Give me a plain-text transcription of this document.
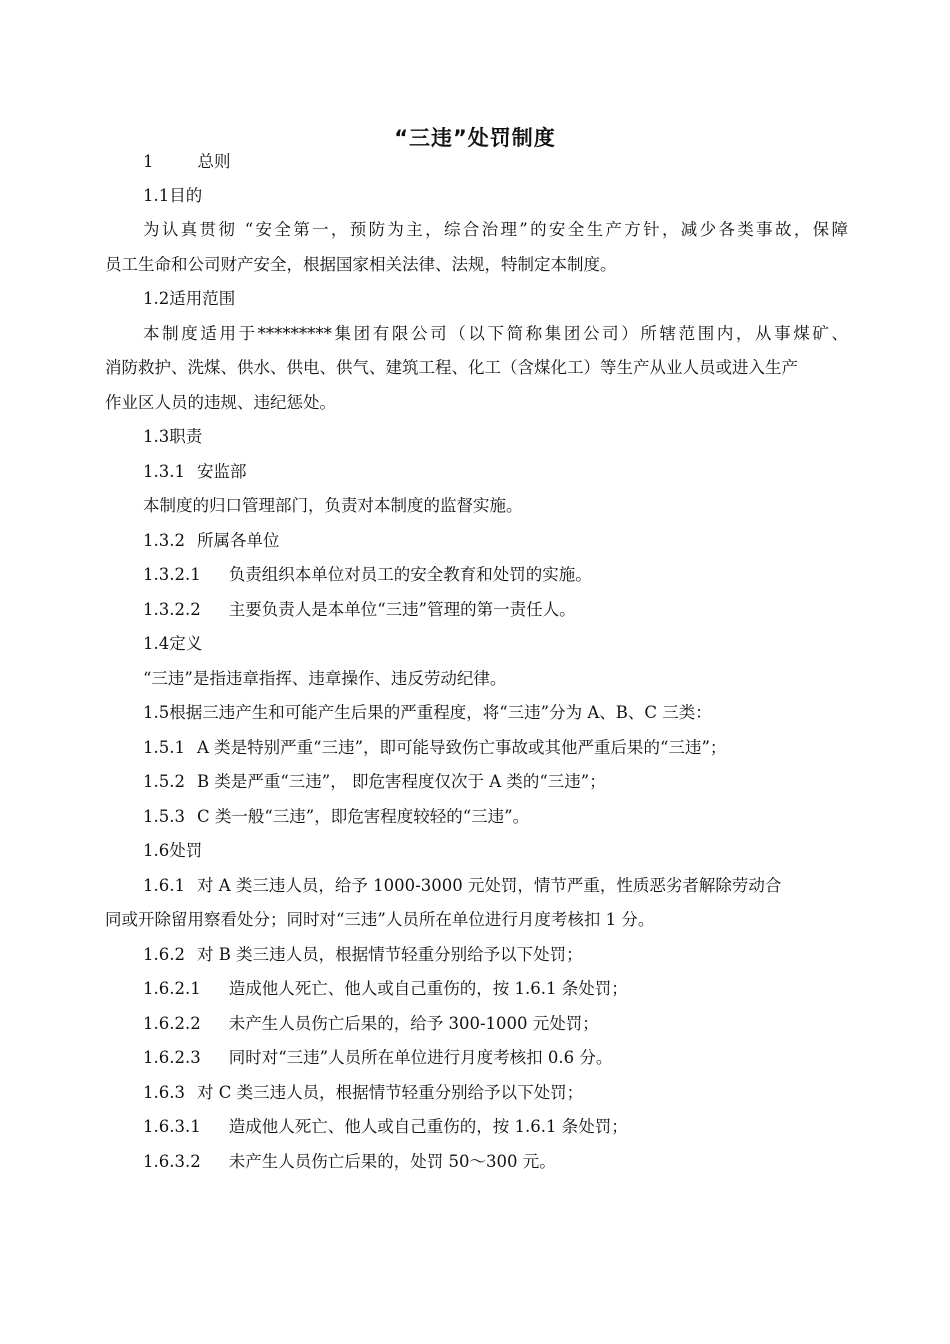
“三违”处罚制度
1	总则
1.1目的
为认真贯彻 “安全第一，预防为主，综合治理”的安全生产方针，减少各类事故，保障
员工生命和公司财产安全，根据国家相关法律、法规，特制定本制度。
1.2适用范围
本制度适用于*********集团有限公司（以下简称集团公司）所辖范围内，从事煤矿、
消防救护、洗煤、供水、供电、供气、建筑工程、化工（含煤化工）等生产从业人员或进入生产
作业区人员的违规、违纪惩处。
1.3职责
1.3.1 安监部
本制度的归口管理部门，负责对本制度的监督实施。
1.3.2 所属各单位
1.3.2.1 负责组织本单位对员工的安全教育和处罚的实施。
1.3.2.2 主要负责人是本单位“三违”管理的第一责任人。
1.4定义
“三违”是指违章指挥、违章操作、违反劳动纪律。
1.5根据三违产生和可能产生后果的严重程度，将“三违”分为 A、B、C 三类：
1.5.1 A 类是特别严重“三违”，即可能导致伤亡事故或其他严重后果的“三违”；
1.5.2 B 类是严重“三违”， 即危害程度仅次于 A 类的“三违”；
1.5.3 C 类一般“三违”，即危害程度较轻的“三违”。
1.6处罚
1.6.1 对 A 类三违人员，给予 1000-3000 元处罚，情节严重，性质恶劣者解除劳动合
同或开除留用察看处分；同时对“三违”人员所在单位进行月度考核扣 1 分。
1.6.2 对 B 类三违人员，根据情节轻重分别给予以下处罚；
1.6.2.1 造成他人死亡、他人或自己重伤的，按 1.6.1 条处罚；
1.6.2.2 未产生人员伤亡后果的，给予 300-1000 元处罚；
1.6.2.3 同时对“三违”人员所在单位进行月度考核扣 0.6 分。
1.6.3 对 C 类三违人员，根据情节轻重分别给予以下处罚；
1.6.3.1 造成他人死亡、他人或自己重伤的，按 1.6.1 条处罚；
1.6.3.2 未产生人员伤亡后果的，处罚 50～300 元。
